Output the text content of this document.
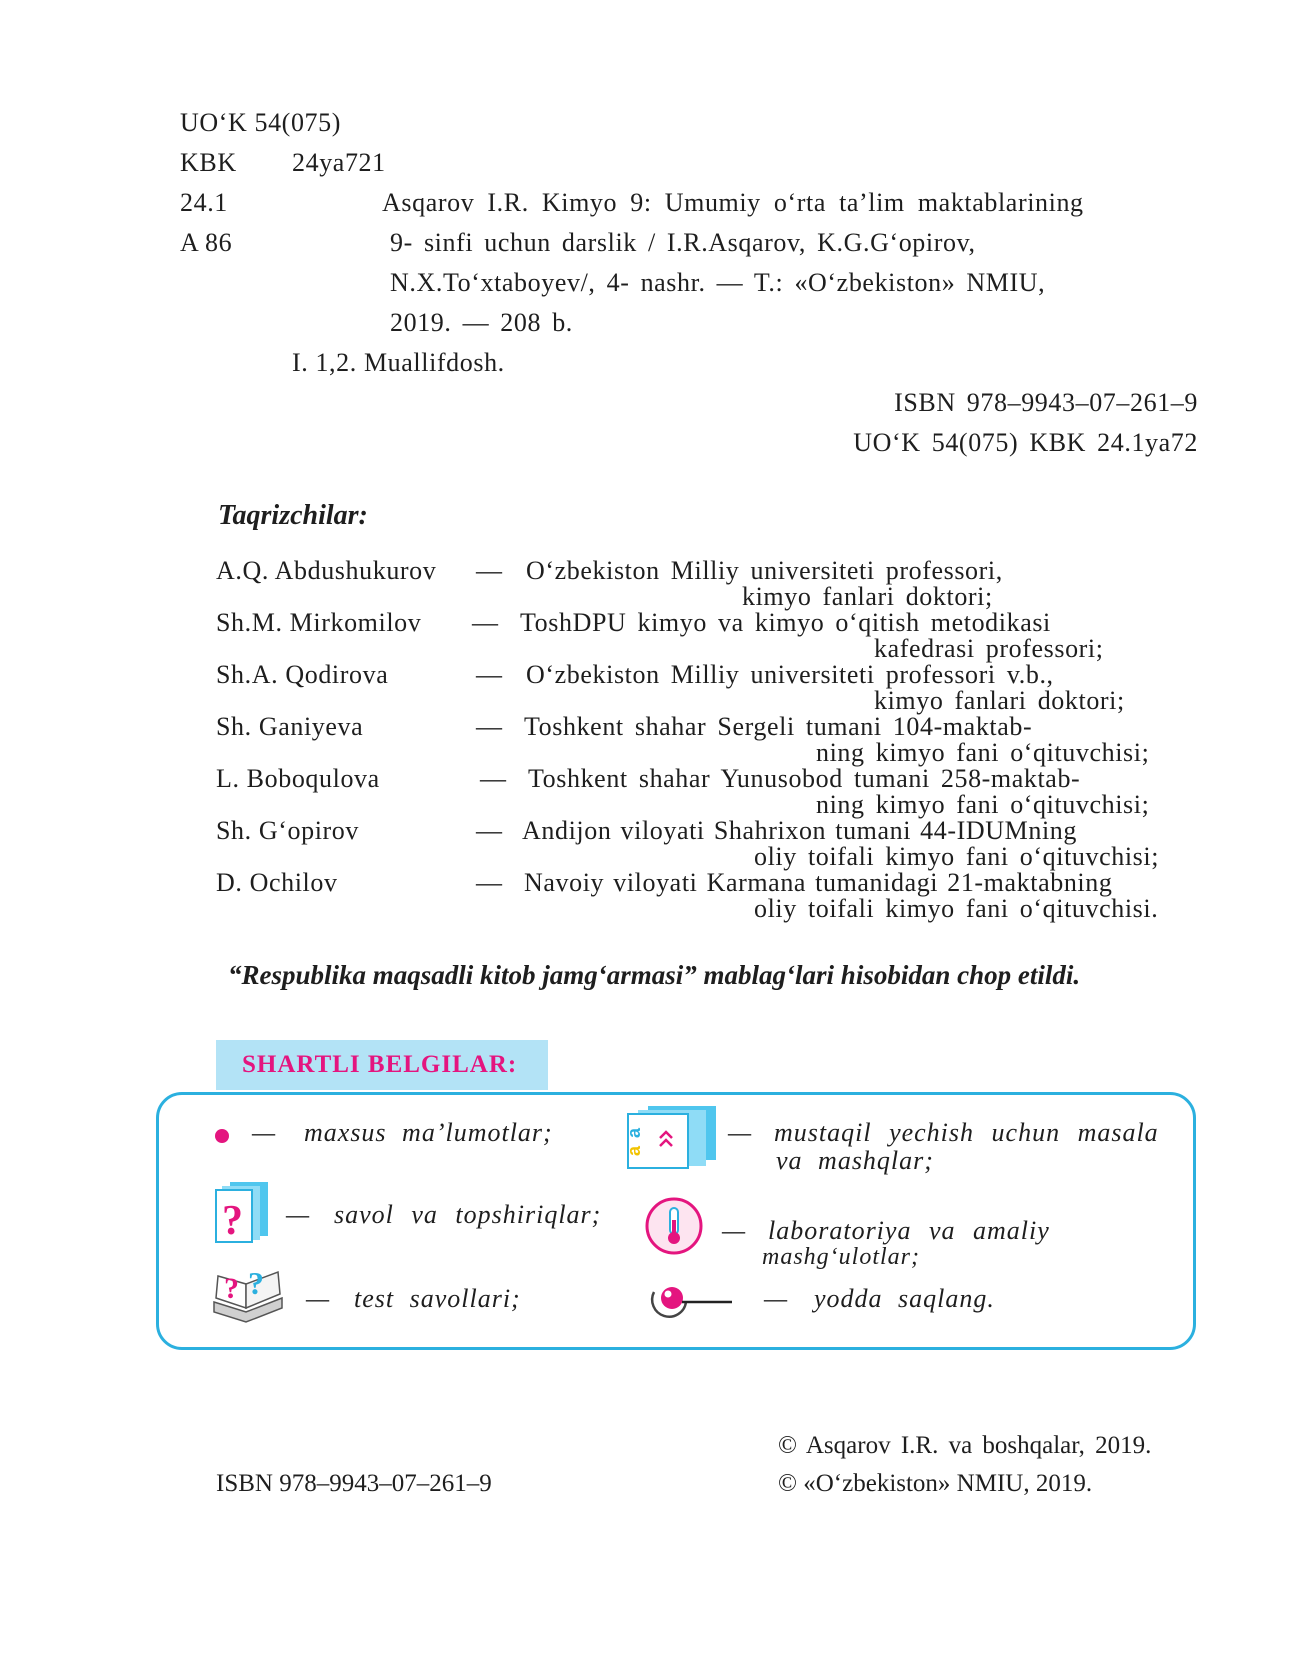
UO‘K 54(075)
KBK 24ya721
24.1
A 86
Asqarov I.R. Kimyo 9: Umumiy o‘rta ta’lim maktablarining
9- sinfi uchun darslik / I.R.Asqarov, K.G.G‘opirov,
N.X.To‘xtaboyev/, 4- nashr. — T.: «O‘zbekiston» NMIU,
2019. — 208 b.
I. 1,2. Muallifdosh.
ISBN 978–9943–07–261–9
UO‘K 54(075) KBK 24.1ya72
Taqrizchilar:
A.Q. Abdushukurov — O‘zbekiston Milliy universiteti professori,
kimyo fanlari doktori;
Sh.M. Mirkomilov — ToshDPU kimyo va kimyo o‘qitish metodikasi
kafedrasi professori;
Sh.A. Qodirova	— O‘zbekiston Milliy universiteti professori v.b.,
kimyo fanlari doktori;
Sh. Ganiyeva	— Toshkent shahar Sergeli tumani 104-maktab-
ning kimyo fani o‘qituvchisi;
L. Boboqulova	— Toshkent shahar Yunusobod tumani 258-maktab-
ning kimyo fani o‘qituvchisi;
Sh. G‘opirov	— Andijon viloyati Shahrixon tumani 44-IDUMning
oliy toifali kimyo fani o‘qituvchisi;
D. Ochilov	— Navoiy viloyati Karmana tumanidagi 21-maktabning
oliy toifali kimyo fani o‘qituvchisi.
“Respublika maqsadli kitob jamg‘armasi” mablag‘lari hisobidan chop etildi.
SHARTLI BELGILAR:
— maxsus ma’lumotlar;
a
a	— mustaqil yechish uchun masala
va mashqlar;
? — savol va topshiriqlar;
— laboratoriya va amaliy
mashg‘ulotlar;
? ? — test savollari;	— yodda saqlang.
© Asqarov I.R. va boshqalar, 2019.
© «O‘zbekiston» NMIU, 2019.
ISBN 978–9943–07–261–9
